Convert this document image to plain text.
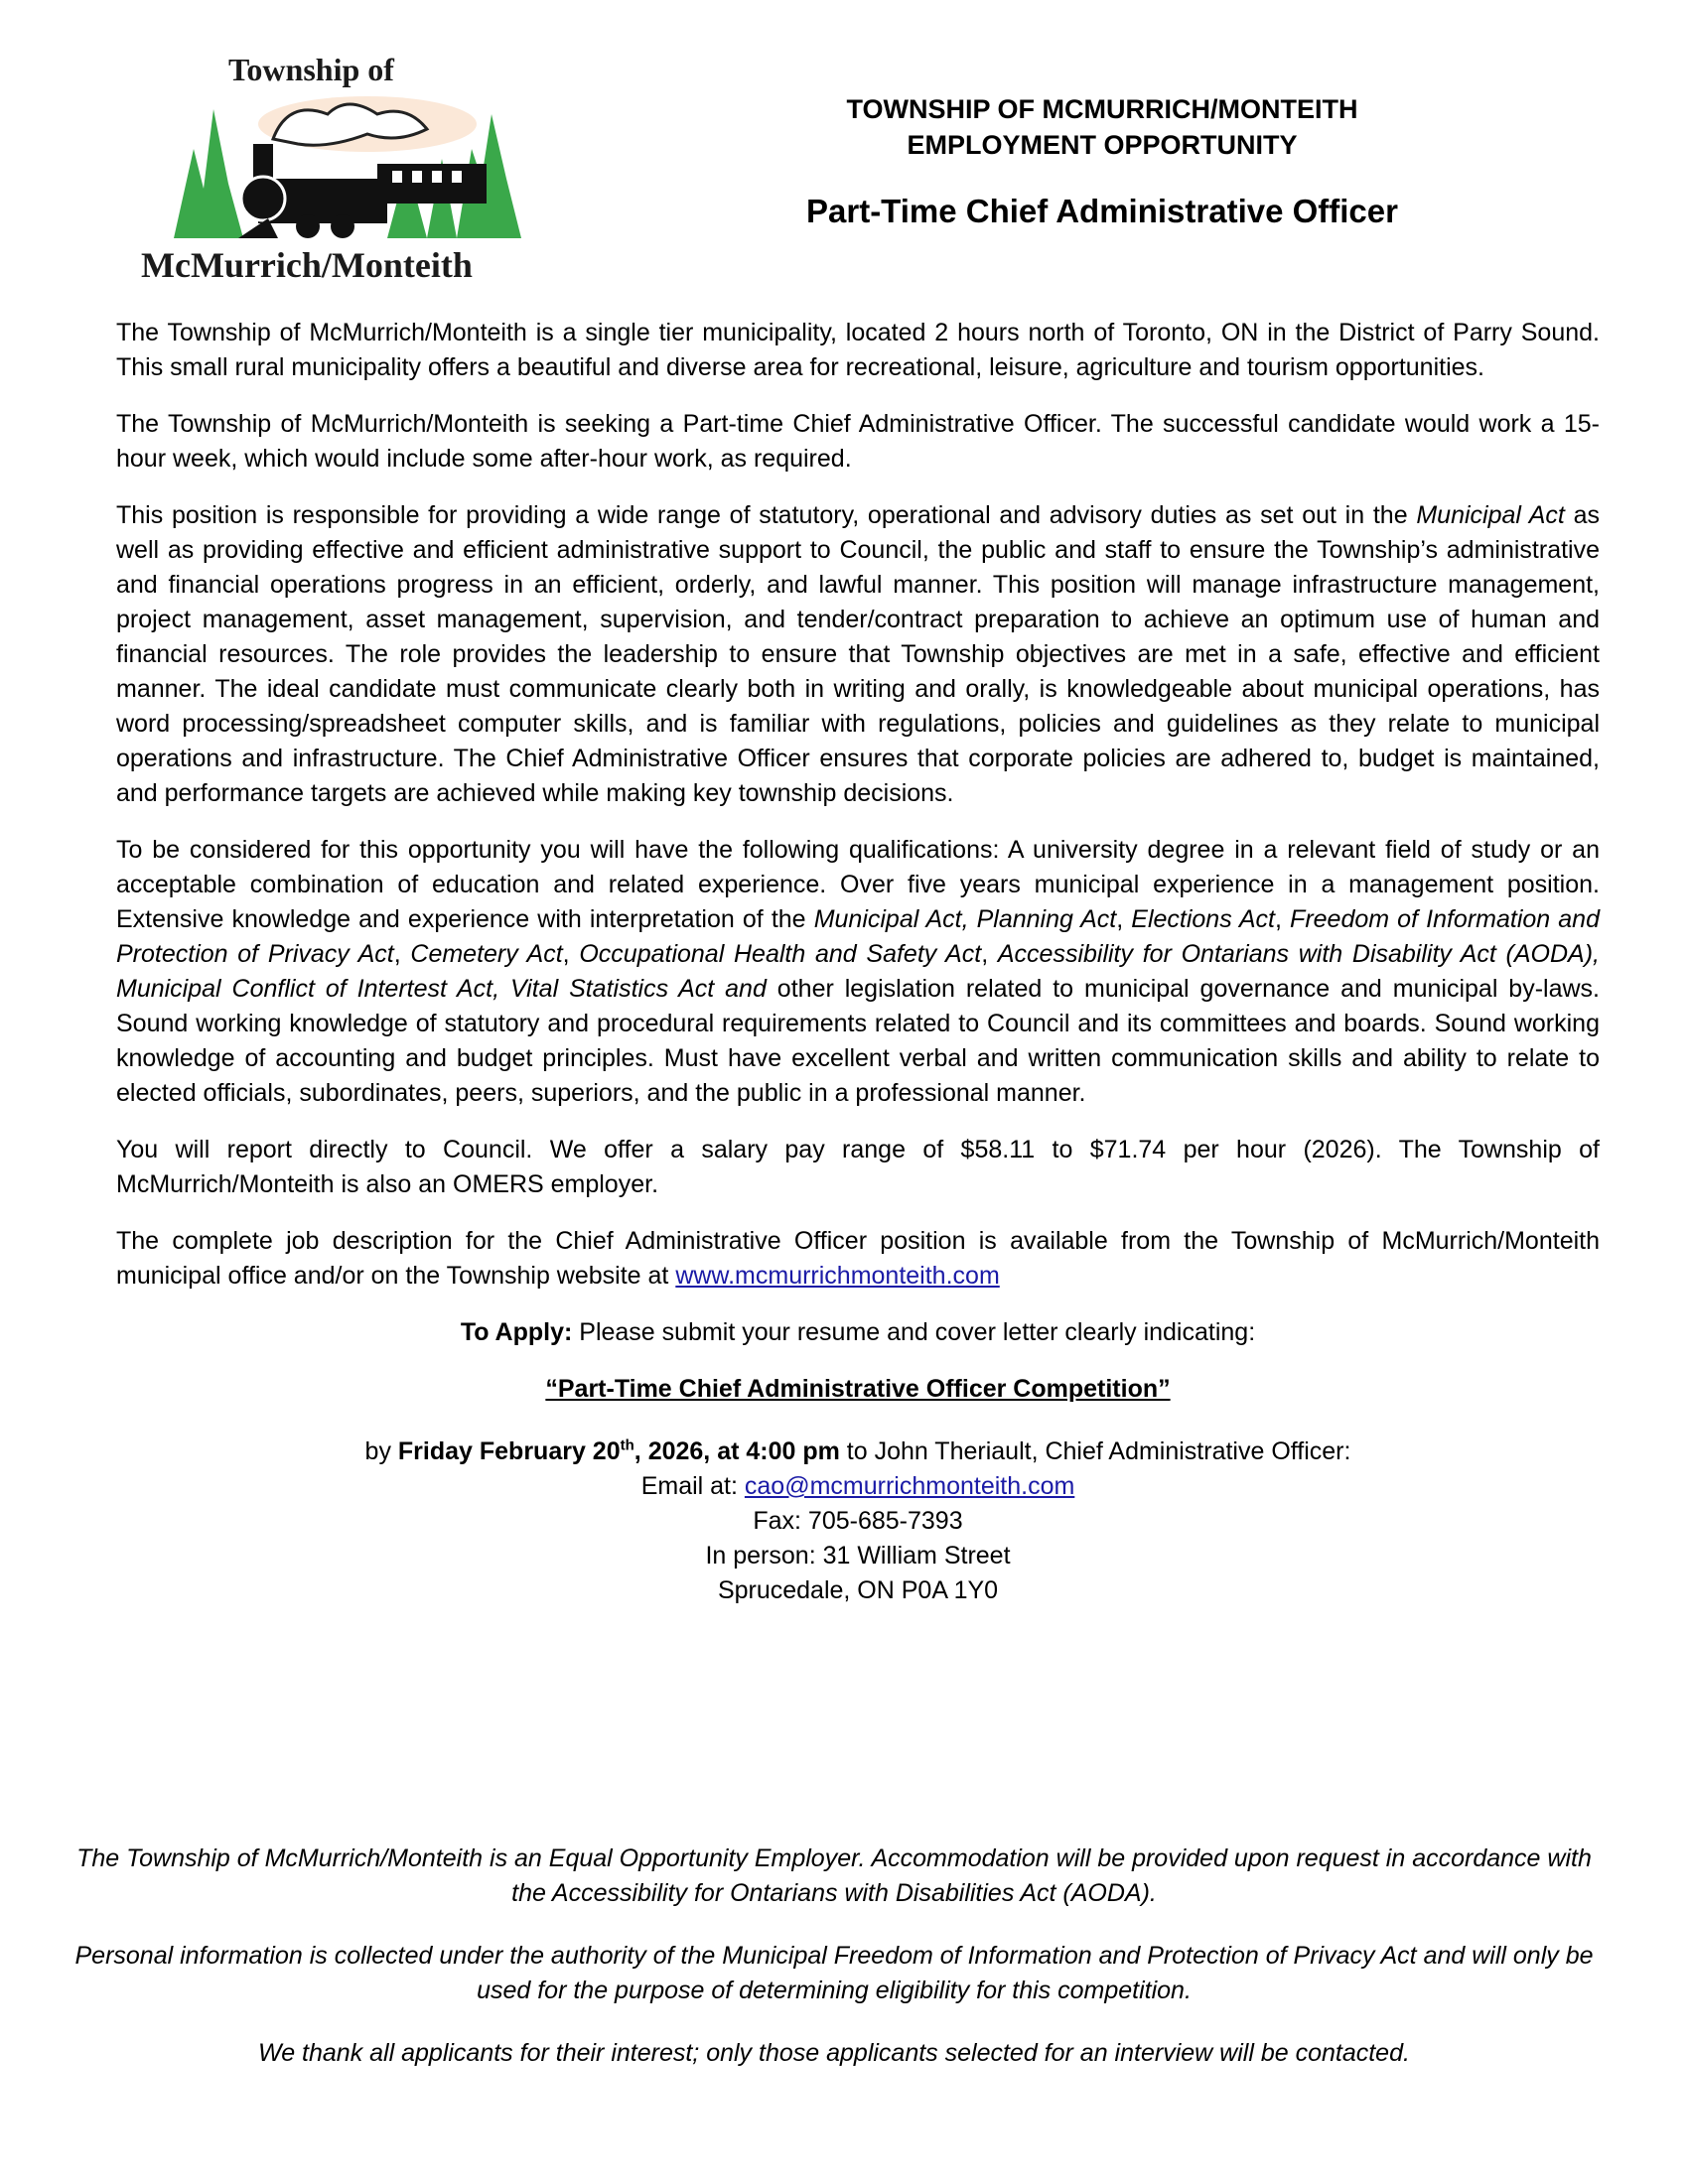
Township of
McMurrich/Monteith
TOWNSHIP OF MCMURRICH/MONTEITH
EMPLOYMENT OPPORTUNITY
Part-Time Chief Administrative Officer

The Township of McMurrich/Monteith is a single tier municipality, located 2 hours north of Toronto, ON in the District of Parry Sound. This small rural municipality offers a beautiful and diverse area for recreational, leisure, agriculture and tourism opportunities.

The Township of McMurrich/Monteith is seeking a Part-time Chief Administrative Officer. The successful candidate would work a 15-hour week, which would include some after-hour work, as required.

This position is responsible for providing a wide range of statutory, operational and advisory duties as set out in the Municipal Act as well as providing effective and efficient administrative support to Council, the public and staff to ensure the Township’s administrative and financial operations progress in an efficient, orderly, and lawful manner. This position will manage infrastructure management, project management, asset management, supervision, and tender/contract preparation to achieve an optimum use of human and financial resources. The role provides the leadership to ensure that Township objectives are met in a safe, effective and efficient manner. The ideal candidate must communicate clearly both in writing and orally, is knowledgeable about municipal operations, has word processing/spreadsheet computer skills, and is familiar with regulations, policies and guidelines as they relate to municipal operations and infrastructure. The Chief Administrative Officer ensures that corporate policies are adhered to, budget is maintained, and performance targets are achieved while making key township decisions.

To be considered for this opportunity you will have the following qualifications: A university degree in a relevant field of study or an acceptable combination of education and related experience. Over five years municipal experience in a management position. Extensive knowledge and experience with interpretation of the Municipal Act, Planning Act, Elections Act, Freedom of Information and Protection of Privacy Act, Cemetery Act, Occupational Health and Safety Act, Accessibility for Ontarians with Disability Act (AODA), Municipal Conflict of Intertest Act, Vital Statistics Act and other legislation related to municipal governance and municipal by-laws. Sound working knowledge of statutory and procedural requirements related to Council and its committees and boards. Sound working knowledge of accounting and budget principles. Must have excellent verbal and written communication skills and ability to relate to elected officials, subordinates, peers, superiors, and the public in a professional manner.

You will report directly to Council. We offer a salary pay range of $58.11 to $71.74 per hour (2026). The Township of McMurrich/Monteith is also an OMERS employer.

The complete job description for the Chief Administrative Officer position is available from the Township of McMurrich/Monteith municipal office and/or on the Township website at www.mcmurrichmonteith.com

To Apply: Please submit your resume and cover letter clearly indicating:

“Part-Time Chief Administrative Officer Competition”

by Friday February 20th, 2026, at 4:00 pm to John Theriault, Chief Administrative Officer:
Email at: cao@mcmurrichmonteith.com
Fax: 705-685-7393
In person: 31 William Street
Sprucedale, ON P0A 1Y0

The Township of McMurrich/Monteith is an Equal Opportunity Employer. Accommodation will be provided upon request in accordance with the Accessibility for Ontarians with Disabilities Act (AODA).

Personal information is collected under the authority of the Municipal Freedom of Information and Protection of Privacy Act and will only be used for the purpose of determining eligibility for this competition.

We thank all applicants for their interest; only those applicants selected for an interview will be contacted.
